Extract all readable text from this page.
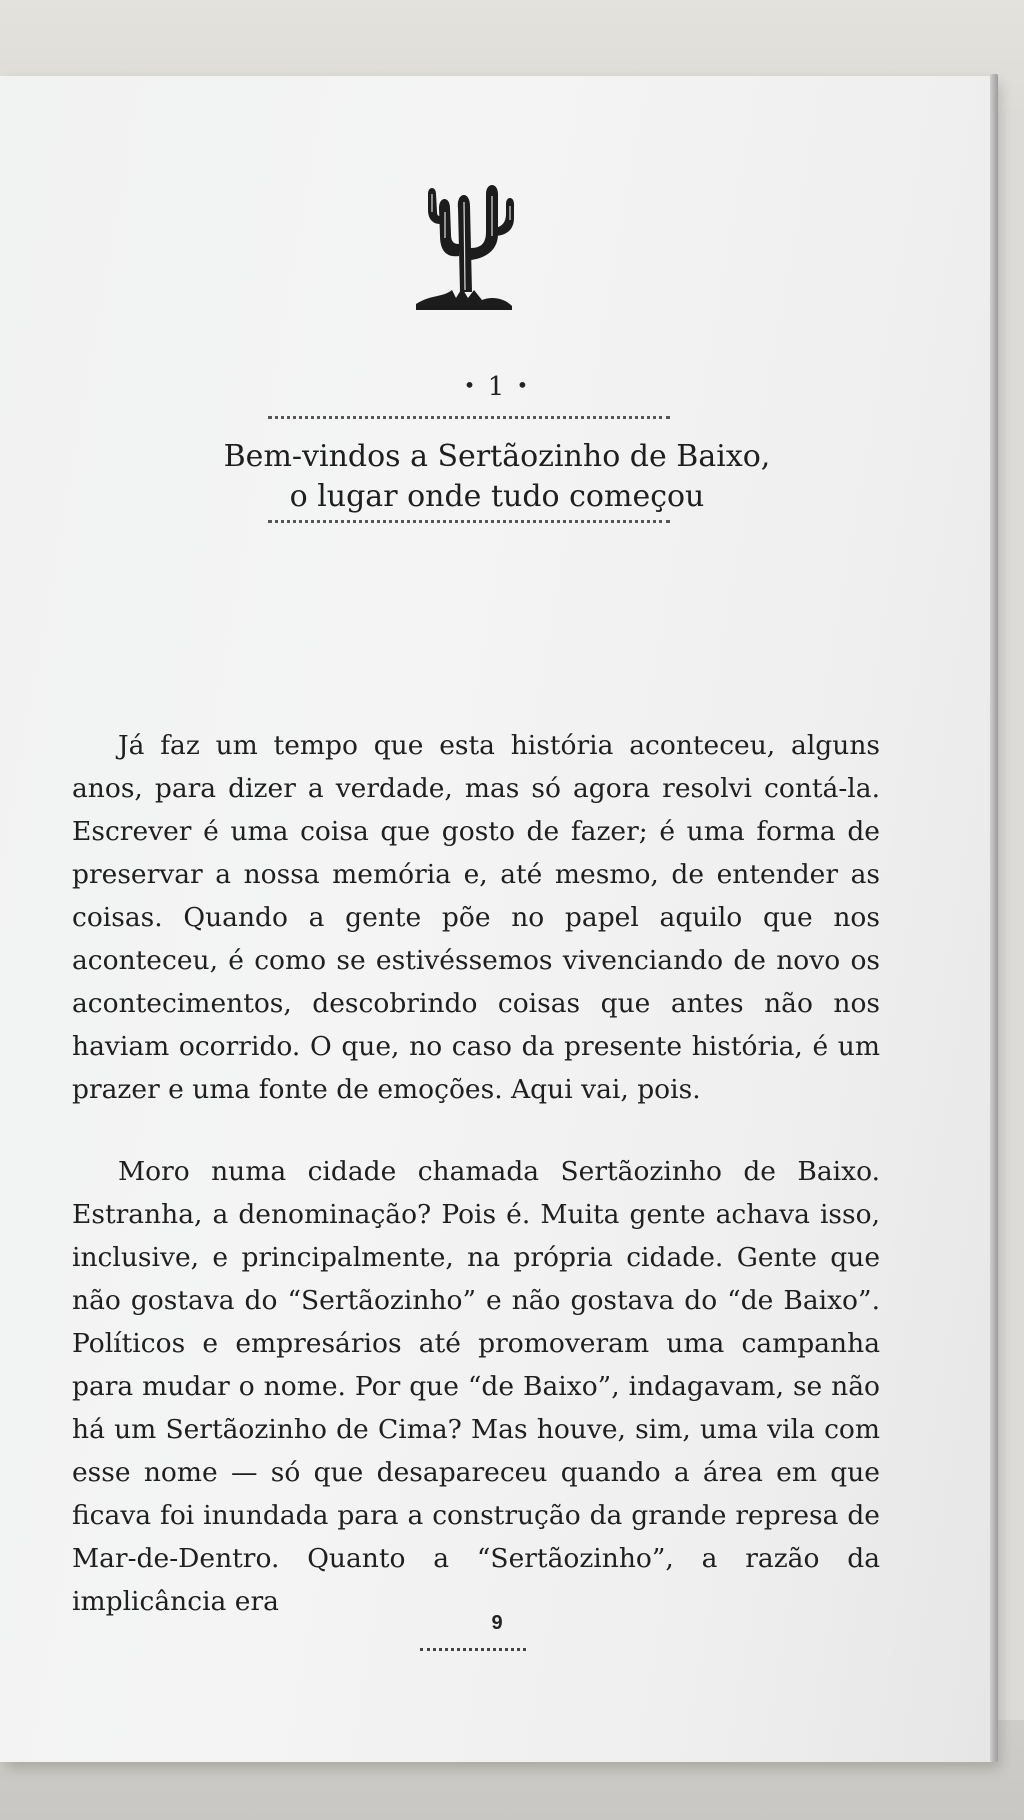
• 1 •
Bem-vindos a Sertãozinho de Baixo,
o lugar onde tudo começou

Já faz um tempo que esta história aconteceu, alguns anos, para dizer a verdade, mas só agora resolvi contá-la. Escrever é uma coisa que gosto de fazer; é uma forma de preservar a nossa memória e, até mesmo, de entender as coisas. Quando a gente põe no papel aquilo que nos aconteceu, é como se estivéssemos vivenciando de novo os acontecimentos, descobrindo coisas que antes não nos haviam ocorrido. O que, no caso da presente história, é um prazer e uma fonte de emoções. Aqui vai, pois.

Moro numa cidade chamada Sertãozinho de Baixo. Estranha, a denominação? Pois é. Muita gente achava isso, inclusive, e principalmente, na própria cidade. Gente que não gostava do “Sertãozinho” e não gostava do “de Baixo”. Políticos e empresários até promoveram uma campanha para mudar o nome. Por que “de Baixo”, indagavam, se não há um Sertãozinho de Cima? Mas houve, sim, uma vila com esse nome — só que desapareceu quando a área em que ficava foi inundada para a construção da grande represa de Mar-de-Dentro. Quanto a “Sertãozinho”, a razão da implicância era

9
